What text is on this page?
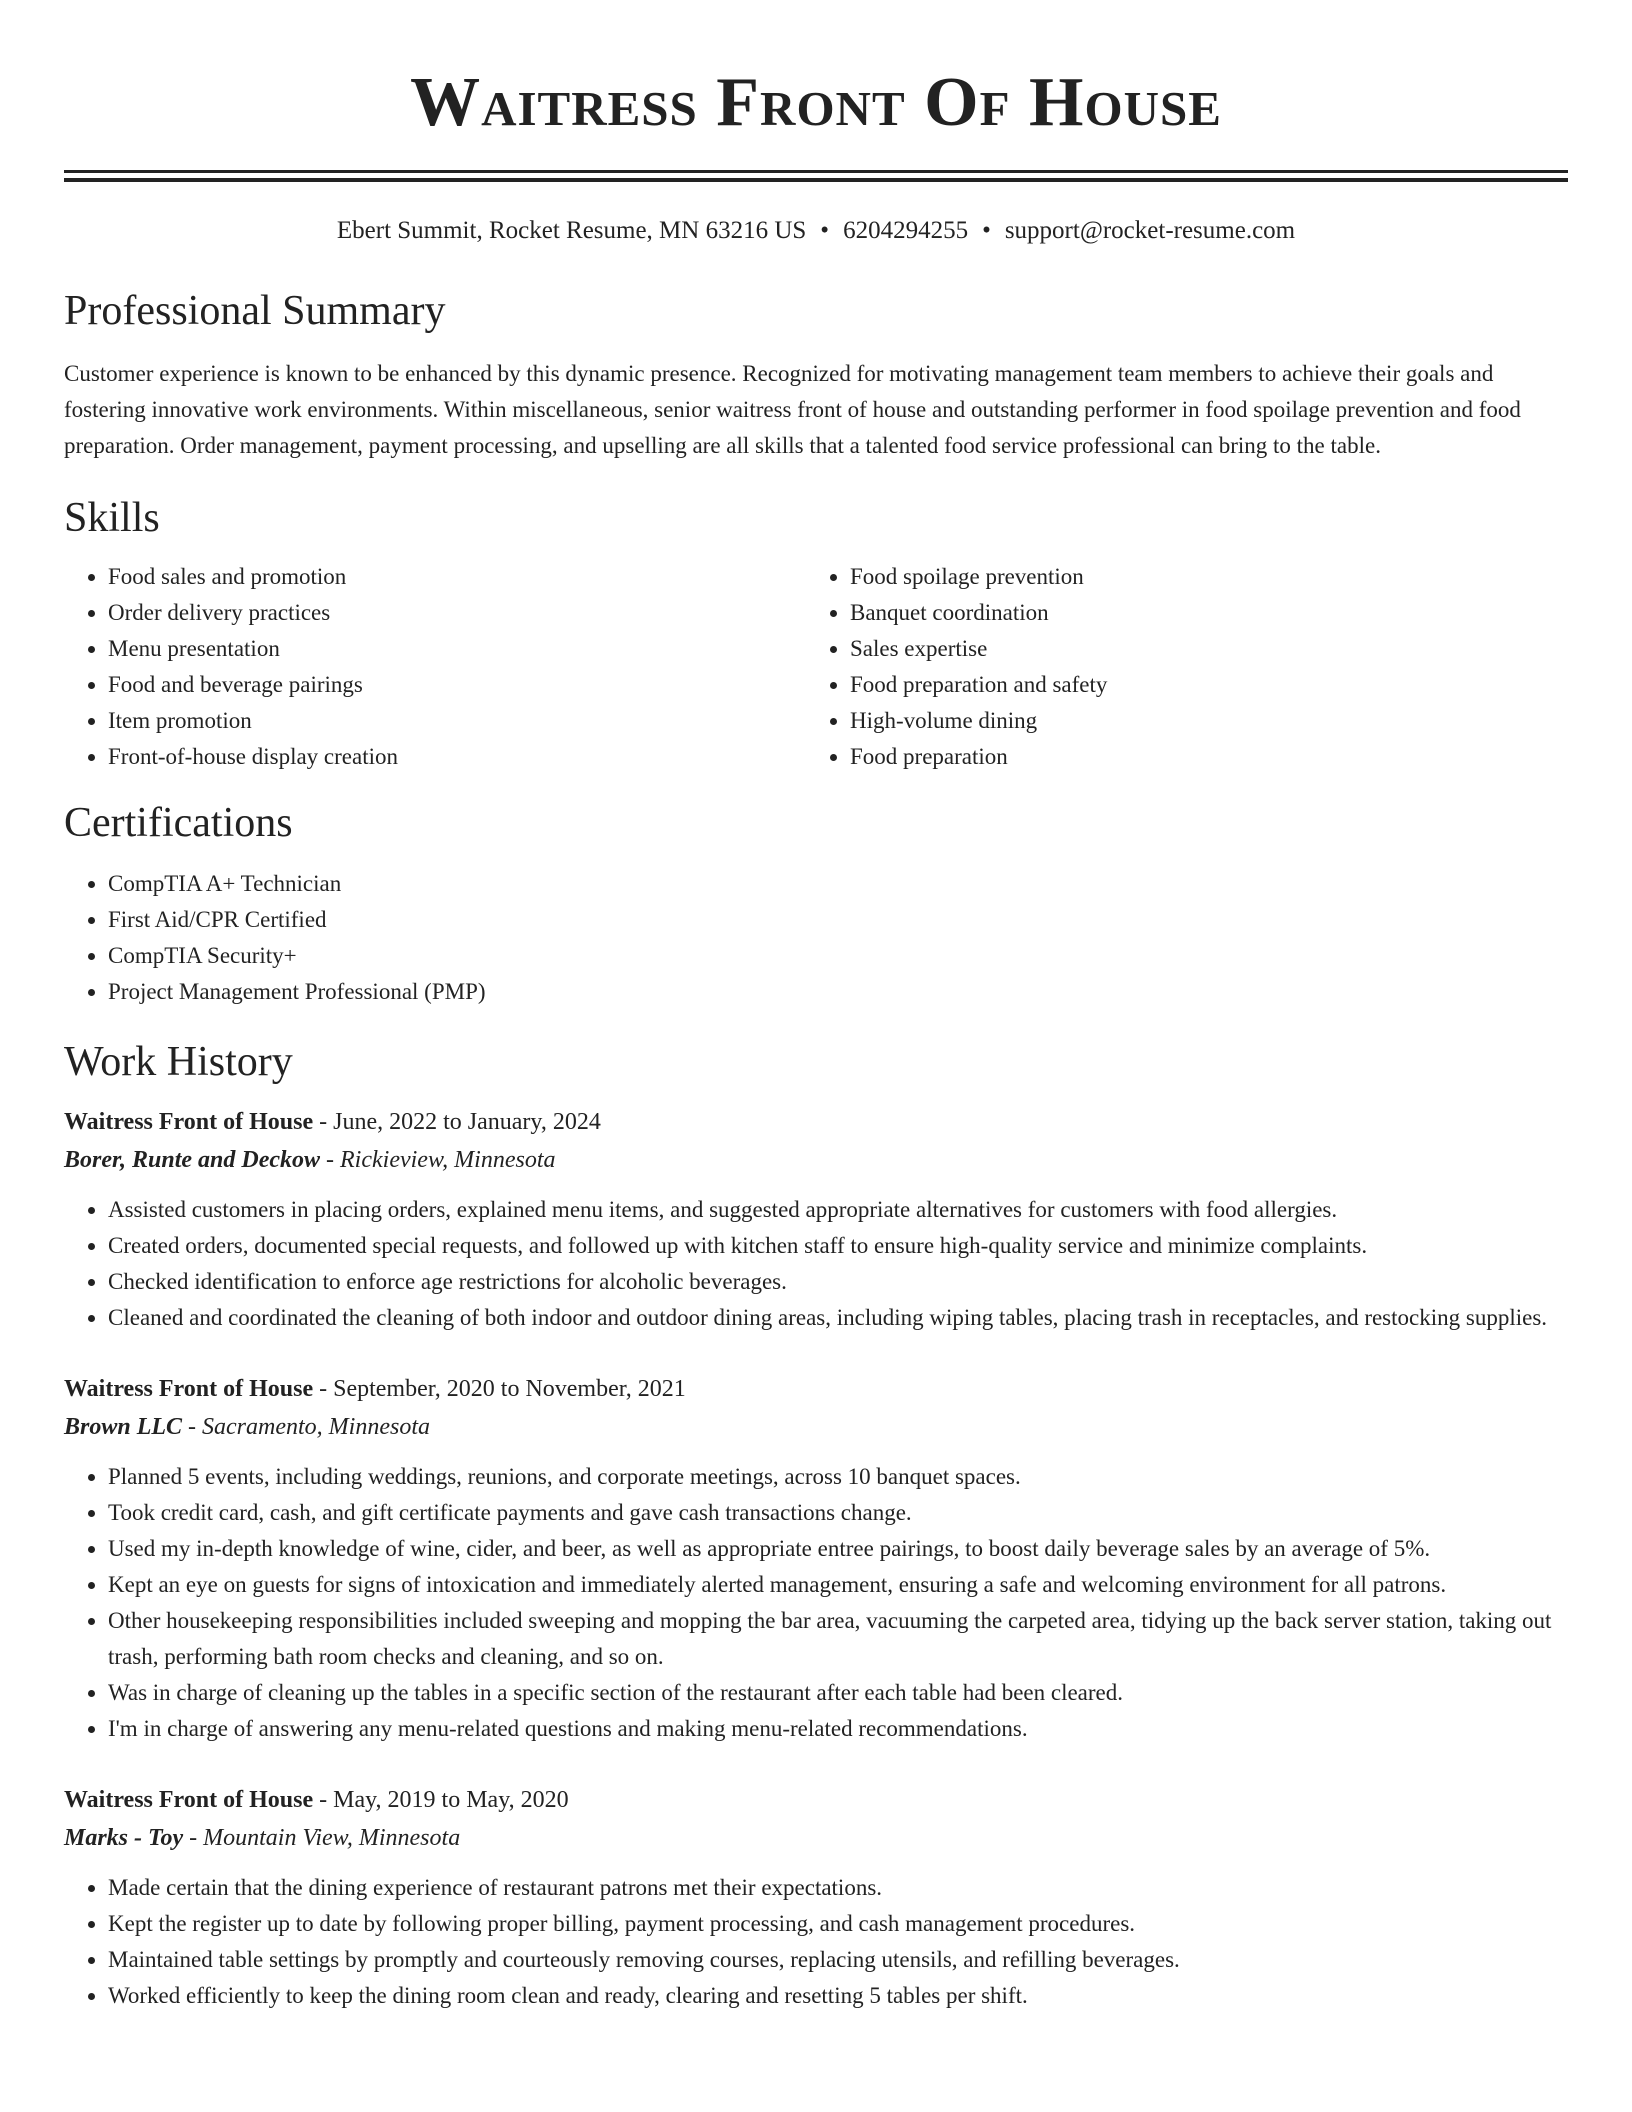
Waitress Front Of House
Ebert Summit, Rocket Resume, MN 63216 US • 6204294255 • support@rocket-resume.com
Professional Summary
Customer experience is known to be enhanced by this dynamic presence. Recognized for motivating management team members to achieve their goals and fostering innovative work environments. Within miscellaneous, senior waitress front of house and outstanding performer in food spoilage prevention and food preparation. Order management, payment processing, and upselling are all skills that a talented food service professional can bring to the table.
Skills
• Food sales and promotion
• Order delivery practices
• Menu presentation
• Food and beverage pairings
• Item promotion
• Front-of-house display creation
• Food spoilage prevention
• Banquet coordination
• Sales expertise
• Food preparation and safety
• High-volume dining
• Food preparation
Certifications
• CompTIA A+ Technician
• First Aid/CPR Certified
• CompTIA Security+
• Project Management Professional (PMP)
Work History
Waitress Front of House - June, 2022 to January, 2024
Borer, Runte and Deckow - Rickieview, Minnesota
• Assisted customers in placing orders, explained menu items, and suggested appropriate alternatives for customers with food allergies.
• Created orders, documented special requests, and followed up with kitchen staff to ensure high-quality service and minimize complaints.
• Checked identification to enforce age restrictions for alcoholic beverages.
• Cleaned and coordinated the cleaning of both indoor and outdoor dining areas, including wiping tables, placing trash in receptacles, and restocking supplies.
Waitress Front of House - September, 2020 to November, 2021
Brown LLC - Sacramento, Minnesota
• Planned 5 events, including weddings, reunions, and corporate meetings, across 10 banquet spaces.
• Took credit card, cash, and gift certificate payments and gave cash transactions change.
• Used my in-depth knowledge of wine, cider, and beer, as well as appropriate entree pairings, to boost daily beverage sales by an average of 5%.
• Kept an eye on guests for signs of intoxication and immediately alerted management, ensuring a safe and welcoming environment for all patrons.
• Other housekeeping responsibilities included sweeping and mopping the bar area, vacuuming the carpeted area, tidying up the back server station, taking out trash, performing bath room checks and cleaning, and so on.
• Was in charge of cleaning up the tables in a specific section of the restaurant after each table had been cleared.
• I'm in charge of answering any menu-related questions and making menu-related recommendations.
Waitress Front of House - May, 2019 to May, 2020
Marks - Toy - Mountain View, Minnesota
• Made certain that the dining experience of restaurant patrons met their expectations.
• Kept the register up to date by following proper billing, payment processing, and cash management procedures.
• Maintained table settings by promptly and courteously removing courses, replacing utensils, and refilling beverages.
• Worked efficiently to keep the dining room clean and ready, clearing and resetting 5 tables per shift.
